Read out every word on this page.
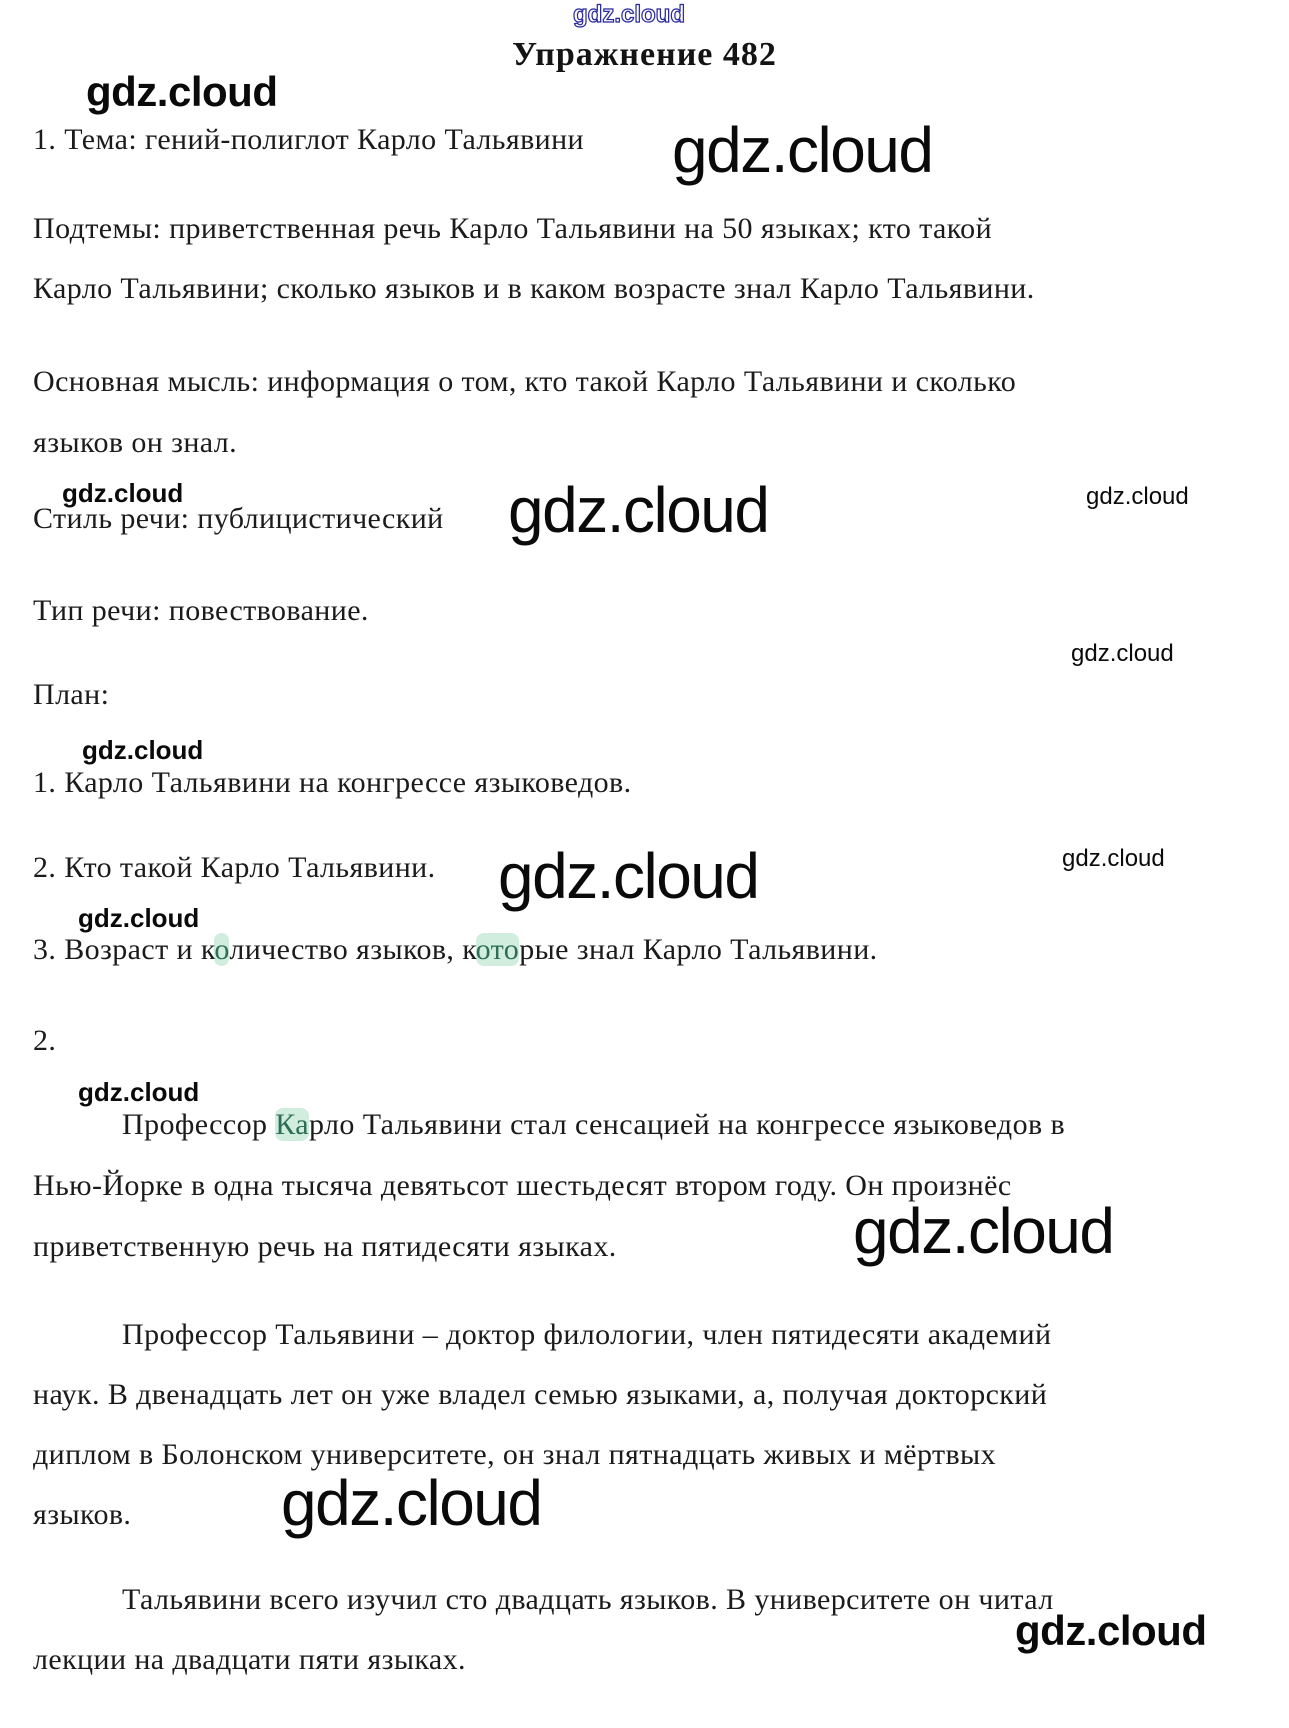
Упражнение 482
1. Тема: гений-полиглот Карло Тальявини
Подтемы: приветственная речь Карло Тальявини на 50 языках; кто такой
Карло Тальявини; сколько языков и в каком возрасте знал Карло Тальявини.
Основная мысль: информация о том, кто такой Карло Тальявини и сколько
языков он знал.
Стиль речи: публицистический
Тип речи: повествование.
План:
1. Карло Тальявини на конгрессе языковедов.
2. Кто такой Карло Тальявини.
3. Возраст и количество языков, которые знал Карло Тальявини.
2.
Профессор Карло Тальявини стал сенсацией на конгрессе языковедов в
Нью-Йорке в одна тысяча девятьсот шестьдесят втором году. Он произнёс
приветственную речь на пятидесяти языках.
Профессор Тальявини – доктор филологии, член пятидесяти академий
наук. В двенадцать лет он уже владел семью языками, а, получая докторский
диплом в Болонском университете, он знал пятнадцать живых и мёртвых
языков.
Тальявини всего изучил сто двадцать языков. В университете он читал
лекции на двадцати пяти языках.
gdz.cloud
gdz.cloud
gdz.cloud
gdz.cloud	gdz.cloud	gdz.cloud
gdz.cloud
gdz.cloud
gdz.cloud
gdz.cloud
gdz.cloud
gdz.cloud
gdz.cloud
gdz.cloud
gdz.cloud
